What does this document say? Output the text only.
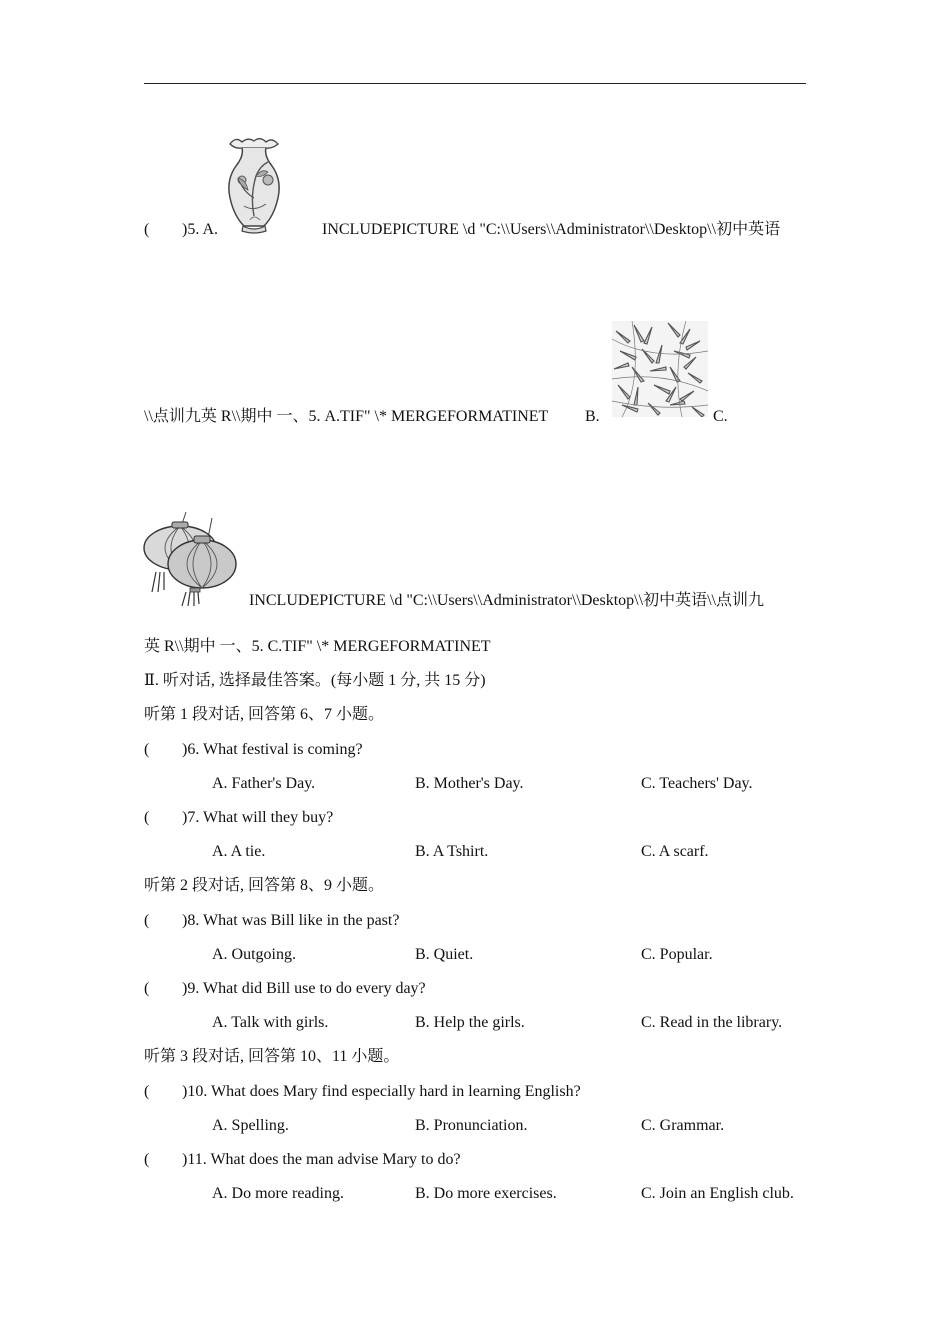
( )5. A.	INCLUDEPICTURE \d "C:\\Users\\Administrator\\Desktop\\初中英语
\\点训九英 R\\期中 一、5. A.TIF" \* MERGEFORMATINET B.	C.
INCLUDEPICTURE \d "C:\\Users\\Administrator\\Desktop\\初中英语\\点训九
英 R\\期中 一、5. C.TIF" \* MERGEFORMATINET
Ⅱ. 听对话, 选择最佳答案。(每小题 1 分, 共 15 分)
听第 1 段对话, 回答第 6、7 小题。
( )6. What festival is coming?
A. Father's Day.	B. Mother's Day.	C. Teachers' Day.
( )7. What will they buy?
A. A tie.	B. A Tshirt.	C. A scarf.
听第 2 段对话, 回答第 8、9 小题。
( )8. What was Bill like in the past?
A. Outgoing.	B. Quiet.	C. Popular.
( )9. What did Bill use to do every day?
A. Talk with girls.	B. Help the girls.	C. Read in the library.
听第 3 段对话, 回答第 10、11 小题。
( )10. What does Mary find especially hard in learning English?
A. Spelling.	B. Pronunciation.	C. Grammar.
( )11. What does the man advise Mary to do?
A. Do more reading.	B. Do more exercises.	C. Join an English club.
